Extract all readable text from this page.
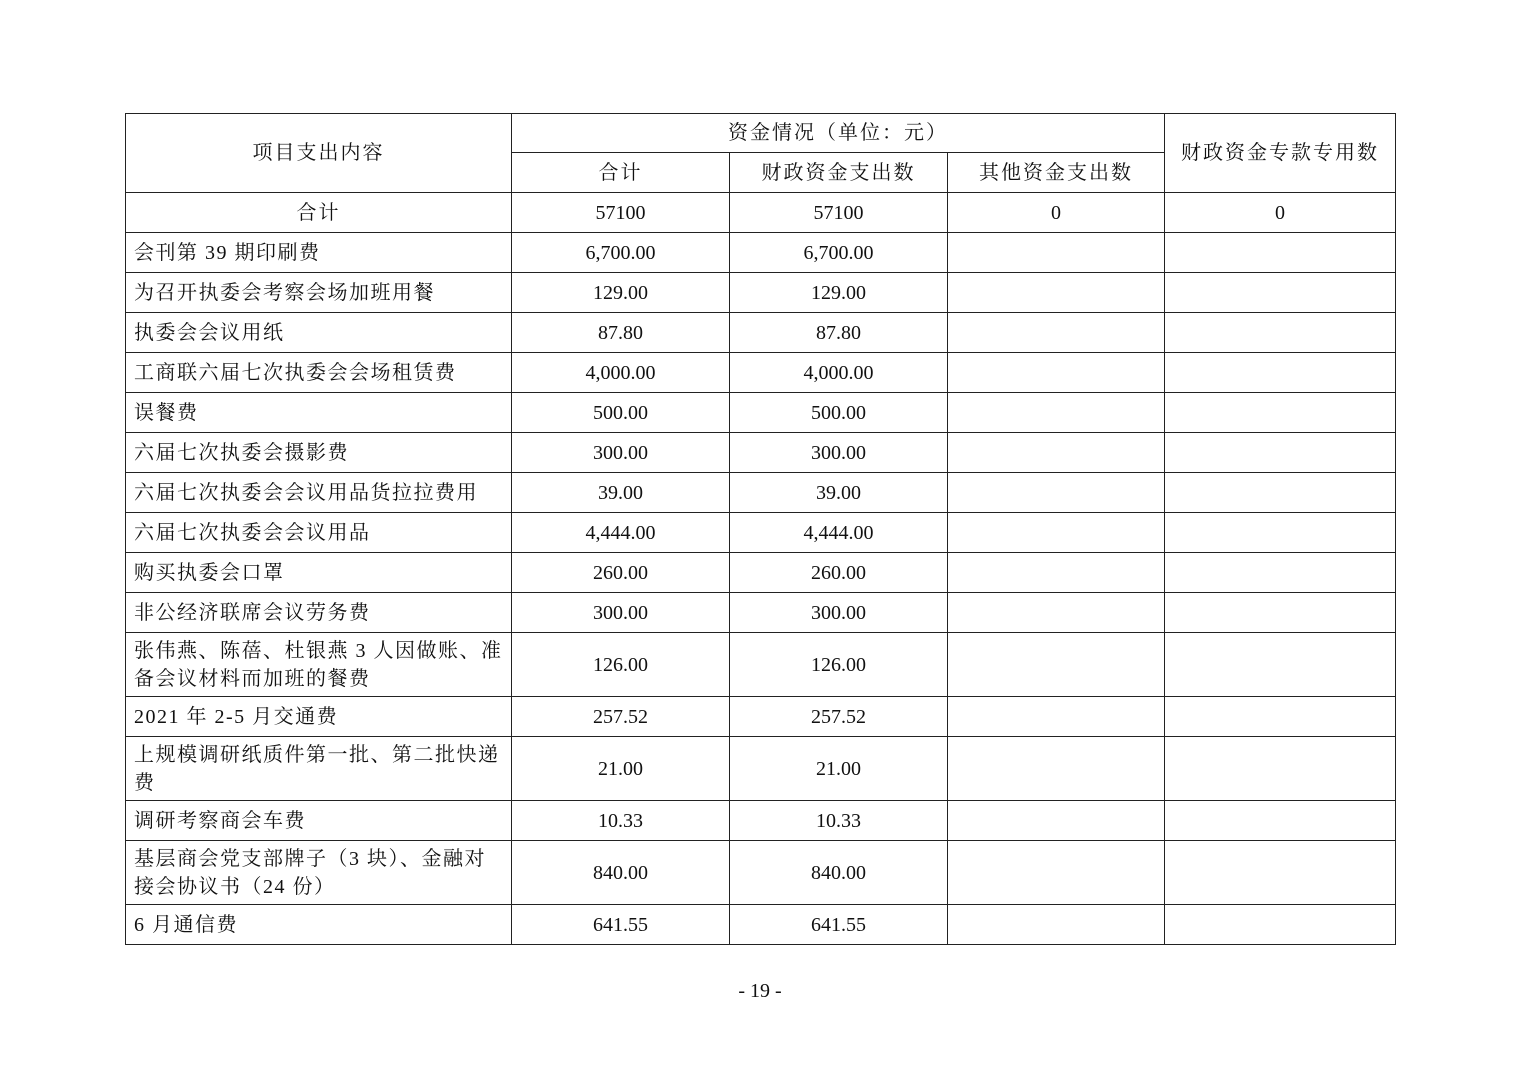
项目支出内容	资金情况（单位：元）			财政资金专款专用数
	合计	财政资金支出数	其他资金支出数	
合计	57100	57100	0	0
会刊第 39 期印刷费	6,700.00	6,700.00		
为召开执委会考察会场加班用餐	129.00	129.00		
执委会会议用纸	87.80	87.80		
工商联六届七次执委会会场租赁费	4,000.00	4,000.00		
误餐费	500.00	500.00		
六届七次执委会摄影费	300.00	300.00		
六届七次执委会会议用品货拉拉费用	39.00	39.00		
六届七次执委会会议用品	4,444.00	4,444.00		
购买执委会口罩	260.00	260.00		
非公经济联席会议劳务费	300.00	300.00		
张伟燕、陈蓓、杜银燕 3 人因做账、准备会议材料而加班的餐费	126.00	126.00		
2021 年 2-5 月交通费	257.52	257.52		
上规模调研纸质件第一批、第二批快递费	21.00	21.00		
调研考察商会车费	10.33	10.33		
基层商会党支部牌子（3 块）、金融对接会协议书（24 份）	840.00	840.00		
6 月通信费	641.55	641.55		
- 19 -
